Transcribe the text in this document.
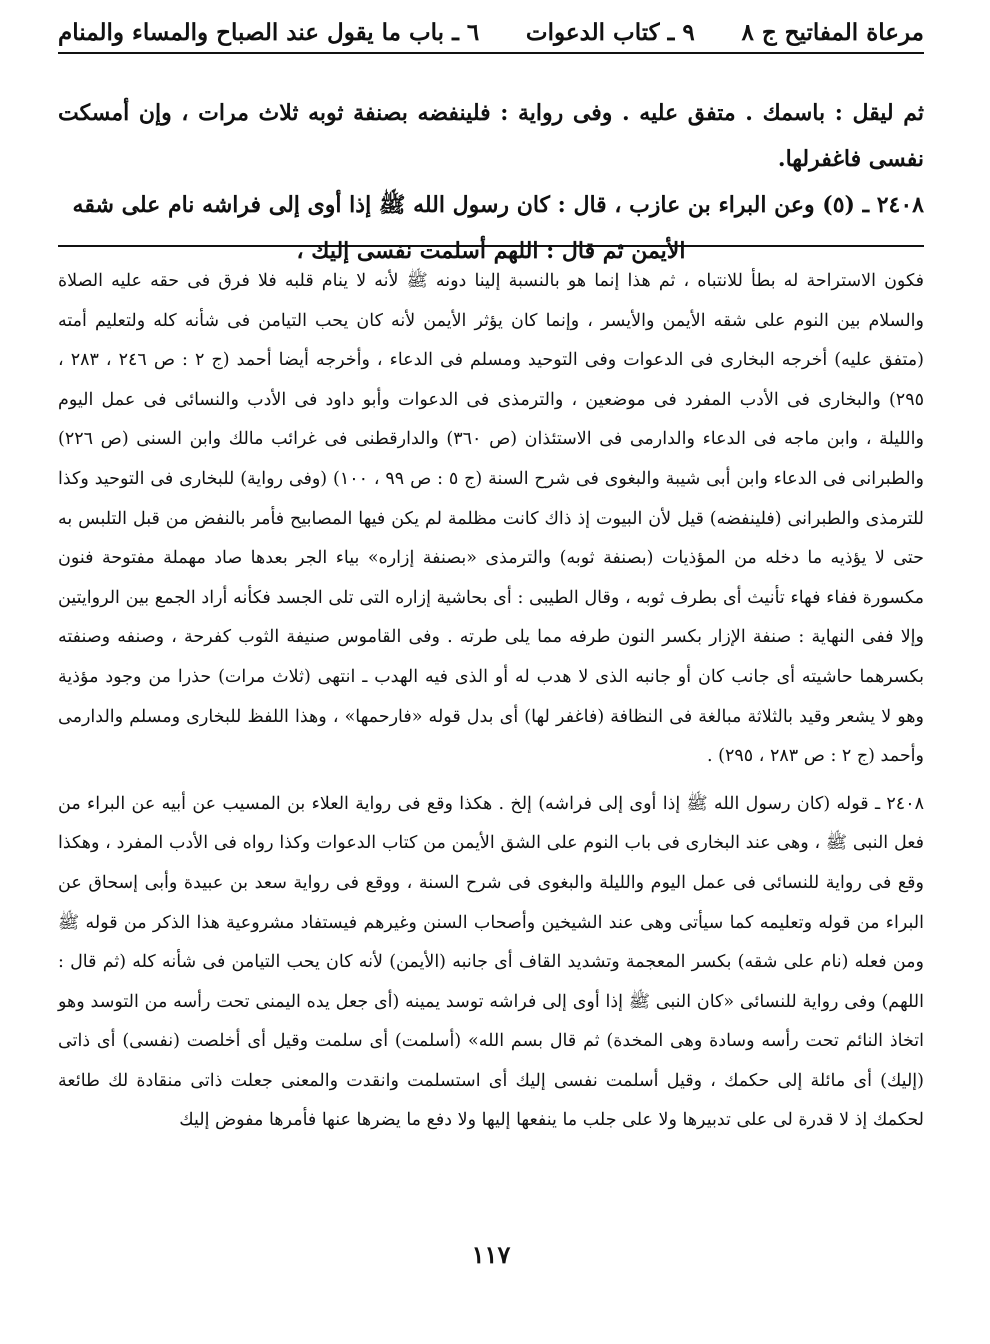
مرعاة المفاتيح ج ٨
٩ ـ كتاب الدعوات
٦ ـ باب ما يقول عند الصباح والمساء والمنام

ثم ليقل : باسمك . متفق عليه . وفى رواية : فلينفضه بصنفة ثوبه ثلاث مرات ، وإن أمسكت نفسى فاغفرلها.

٢٤٠٨ ـ (٥) وعن البراء بن عازب ، قال : كان رسول الله ﷺ إذا أوى إلى فراشه نام على شقه

الأيمن ثم قال : اللهم أسلمت نفسى إليك ،

فكون الاستراحة له بطأ للانتباه ، ثم هذا إنما هو بالنسبة إلينا دونه ﷺ لأنه لا ينام قلبه فلا فرق فى حقه عليه الصلاة والسلام بين النوم على شقه الأيمن والأيسر ، وإنما كان يؤثر الأيمن لأنه كان يحب التيامن فى شأنه كله ولتعليم أمته (متفق عليه) أخرجه البخارى فى الدعوات وفى التوحيد ومسلم فى الدعاء ، وأخرجه أيضا أحمد (ج ٢ : ص ٢٤٦ ، ٢٨٣ ، ٢٩٥) والبخارى فى الأدب المفرد فى موضعين ، والترمذى فى الدعوات وأبو داود فى الأدب والنسائى فى عمل اليوم والليلة ، وابن ماجه فى الدعاء والدارمى فى الاستئذان (ص ٣٦٠) والدارقطنى فى غرائب مالك وابن السنى (ص ٢٢٦) والطبرانى فى الدعاء وابن أبى شيبة والبغوى فى شرح السنة (ج ٥ : ص ٩٩ ، ١٠٠) (وفى رواية) للبخارى فى التوحيد وكذا للترمذى والطبرانى (فلينفضه) قيل لأن البيوت إذ ذاك كانت مظلمة لم يكن فيها المصابيح فأمر بالنفض من قبل التلبس به حتى لا يؤذيه ما دخله من المؤذيات (بصنفة ثوبه) والترمذى «بصنفة إزاره» بياء الجر بعدها صاد مهملة مفتوحة فنون مكسورة ففاء فهاء تأنيث أى بطرف ثوبه ، وقال الطيبى : أى بحاشية إزاره التى تلى الجسد فكأنه أراد الجمع بين الروايتين وإلا ففى النهاية : صنفة الإزار بكسر النون طرفه مما يلى طرته . وفى القاموس صنيفة الثوب كفرحة ، وصنفه وصنفته بكسرهما حاشيته أى جانب كان أو جانبه الذى لا هدب له أو الذى فيه الهدب ـ انتهى (ثلاث مرات) حذرا من وجود مؤذية وهو لا يشعر وقيد بالثلاثة مبالغة فى النظافة (فاغفر لها) أى بدل قوله «فارحمها» ، وهذا اللفظ للبخارى ومسلم والدارمى وأحمد (ج ٢ : ص ٢٨٣ ، ٢٩٥) .

٢٤٠٨ ـ قوله (كان رسول الله ﷺ إذا أوى إلى فراشه) إلخ . هكذا وقع فى رواية العلاء بن المسيب عن أبيه عن البراء من فعل النبى ﷺ ، وهى عند البخارى فى باب النوم على الشق الأيمن من كتاب الدعوات وكذا رواه فى الأدب المفرد ، وهكذا وقع فى رواية للنسائى فى عمل اليوم والليلة والبغوى فى شرح السنة ، ووقع فى رواية سعد بن عبيدة وأبى إسحاق عن البراء من قوله وتعليمه كما سيأتى وهى عند الشيخين وأصحاب السنن وغيرهم فيستفاد مشروعية هذا الذكر من قوله ﷺ ومن فعله (نام على شقه) بكسر المعجمة وتشديد القاف أى جانبه (الأيمن) لأنه كان يحب التيامن فى شأنه كله (ثم قال : اللهم) وفى رواية للنسائى «كان النبى ﷺ إذا أوى إلى فراشه توسد يمينه (أى جعل يده اليمنى تحت رأسه من التوسد وهو اتخاذ النائم تحت رأسه وسادة وهى المخدة) ثم قال بسم الله» (أسلمت) أى سلمت وقيل أى أخلصت (نفسى) أى ذاتى (إليك) أى مائلة إلى حكمك ، وقيل أسلمت نفسى إليك أى استسلمت وانقدت والمعنى جعلت ذاتى منقادة لك طائعة لحكمك إذ لا قدرة لى على تدبيرها ولا على جلب ما ينفعها إليها ولا دفع ما يضرها عنها فأمرها مفوض إليك

١١٧
